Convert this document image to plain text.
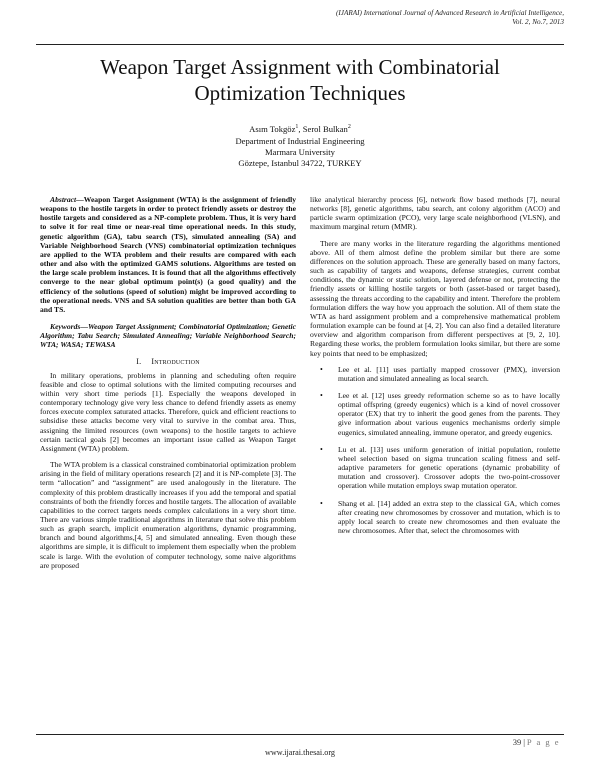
(IJARAI) International Journal of Advanced Research in Artificial Intelligence,
Vol. 2, No.7, 2013
Weapon Target Assignment with Combinatorial
Optimization Techniques
Asım Tokgöz$^1$, Serol Bulkan$^2$
Department of Industrial Engineering
Marmara University
Göztepe, Istanbul 34722, TURKEY

Abstract—Weapon Target Assignment (WTA) is the assignment of friendly weapons to the hostile targets in order to protect friendly assets or destroy the hostile targets and considered as a NP-complete problem. Thus, it is very hard to solve it for real time or near-real time operational needs. In this study, genetic algorithm (GA), tabu search (TS), simulated annealing (SA) and Variable Neighborhood Search (VNS) combinatorial optimization techniques are applied to the WTA problem and their results are compared with each other and also with the optimized GAMS solutions. Algorithms are tested on the large scale problem instances. It is found that all the algorithms effectively converge to the near global optimum point(s) (a good quality) and the efficiency of the solutions (speed of solution) might be improved according to the operational needs. VNS and SA solution qualities are better than both GA and TS.

Keywords—Weapon Target Assignment; Combinatorial Optimization; Genetic Algorithm; Tabu Search; Simulated Annealing; Variable Neighborhood Search; WTA; WASA; TEWASA

I. Introduction

In military operations, problems in planning and scheduling often require feasible and close to optimal solutions with the limited computing recourses and within very short time periods [1]. Especially the weapons developed in contemporary technology give very less chance to defend friendly assets as enemy forces execute complex saturated attacks. Therefore, quick and efficient reactions to subsidise these attacks become very vital to survive in the combat area. Thus, assigning the limited resources (own weapons) to the hostile targets to achieve certain tactical goals [2] becomes an important issue called as Weapon Target Assignment (WTA) problem.

The WTA problem is a classical constrained combinatorial optimization problem arising in the field of military operations research [2] and it is NP-complete [3]. The term “allocation” and “assignment” are used analogously in the literature. The complexity of this problem drastically increases if you add the temporal and spatial constraints of both the friendly forces and hostile targets. The allocation of available capabilities to the correct targets needs complex calculations in a very short time. There are various simple traditional algorithms in literature that solve this problem such as graph search, implicit enumeration algorithms, dynamic programming, branch and bound algorithms,[4, 5] and simulated annealing. Even though these algorithms are simple, it is difficult to implement them especially when the problem scale is large. With the evolution of computer technology, some naive algorithms are proposed

like analytical hierarchy process [6], network flow based methods [7], neural networks [8], genetic algorithms, tabu search, ant colony algorithm (ACO) and particle swarm optimization (PCO), very large scale neighborhood (VLSN), and maximum marginal return (MMR).

There are many works in the literature regarding the algorithms mentioned above. All of them almost define the problem similar but there are some differences on the solution approach. These are generally based on many factors, such as capability of targets and weapons, defense strategies, current combat conditions, the dynamic or static solution, layered defense or not, protecting the friendly assets or killing hostile targets or both (asset-based or target based), assessing the threats according to the capability and intent. Therefore the problem formulation differs the way how you approach the solution. All of them state the WTA as hard assignment problem and a comprehensive mathematical problem formulation example can be found at [4, 2]. You can also find a detailed literature overview and algorithm comparison from different perspectives at [9, 2, 10]. Regarding these works, the problem formulation looks similar, but there are some key points that need to be emphasized;

• Lee et al. [11] uses partially mapped crossover (PMX), inversion mutation and simulated annealing as local search.
• Lee et al. [12] uses greedy reformation scheme so as to have locally optimal offspring (greedy eugenics) which is a kind of novel crossover operator (EX) that try to inherit the good genes from the parents. They give information about various eugenics mechanisms orderly simple eugenics, simulated annealing, immune operator, and greedy eugenics.
• Lu et al. [13] uses uniform generation of initial population, roulette wheel selection based on sigma truncation scaling fitness and self-adaptive parameters for genetic operations (dynamic probability of mutation and crossover). Crossover adopts the two-point-crossover operation while mutation employs swap mutation operator.
• Shang et al. [14] added an extra step to the classical GA, which comes after creating new chromosomes by crossover and mutation, which is to apply local search to create new chromosomes and then evaluate the new chromosomes. After that, select the chromosomes with
39 | P a g e
www.ijarai.thesai.org
